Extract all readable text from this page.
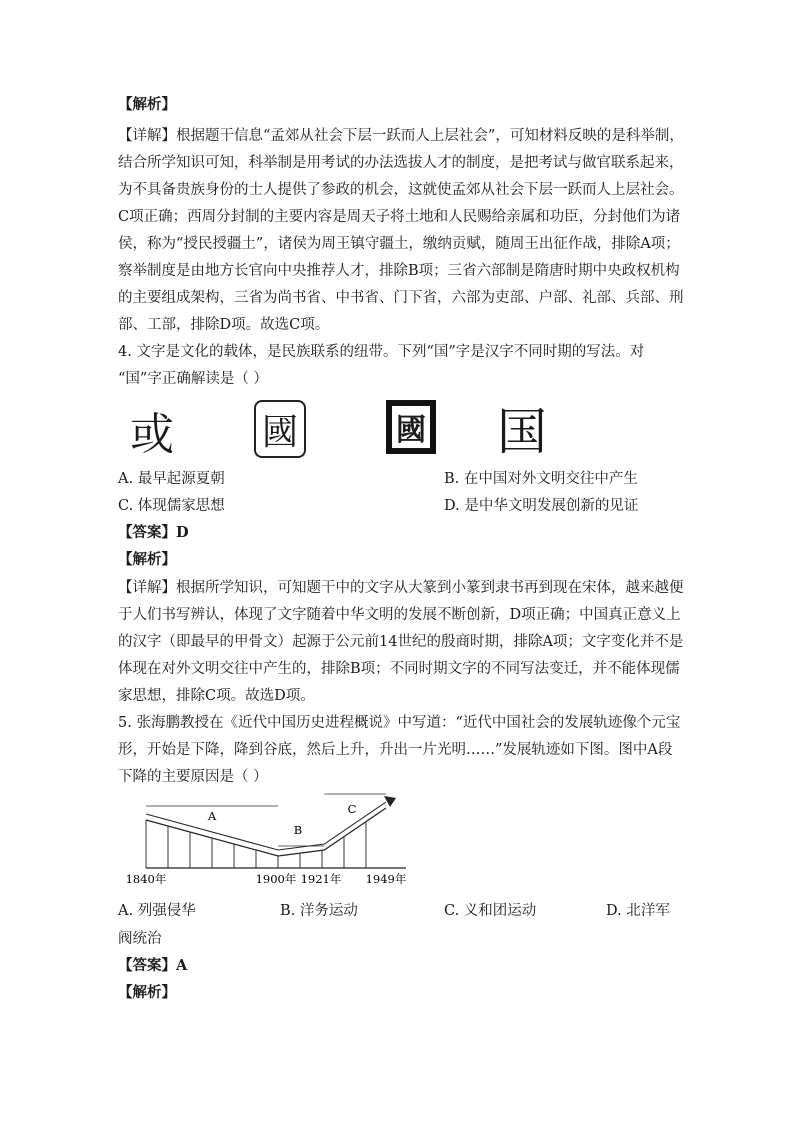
【解析】
【详解】根据题干信息“孟郊从社会下层一跃而人上层社会”，可知材料反映的是科举制，
结合所学知识可知，科举制是用考试的办法选拔人才的制度，是把考试与做官联系起来，
为不具备贵族身份的士人提供了参政的机会，这就使孟郊从社会下层一跃而人上层社会。
C项正确；西周分封制的主要内容是周天子将土地和人民赐给亲属和功臣，分封他们为诸
侯，称为“授民授疆土”，诸侯为周王镇守疆土，缴纳贡赋，随周王出征作战，排除A项；
察举制度是由地方长官向中央推荐人才，排除B项；三省六部制是隋唐时期中央政权机构
的主要组成架构，三省为尚书省、中书省、门下省，六部为吏部、户部、礼部、兵部、刑
部、工部，排除D项。故选C项。
4. 文字是文化的载体，是民族联系的纽带。下列“国”字是汉字不同时期的写法。对
“国”字正确解读是（ ）
或 國	國 国
A. 最早起源夏朝	B. 在中国对外文明交往中产生
C. 体现儒家思想	D. 是中华文明发展创新的见证
【答案】D
【解析】
【详解】根据所学知识，可知题干中的文字从大篆到小篆到隶书再到现在宋体，越来越便
于人们书写辨认，体现了文字随着中华文明的发展不断创新，D项正确；中国真正意义上
的汉字（即最早的甲骨文）起源于公元前14世纪的殷商时期，排除A项；文字变化并不是
体现在对外文明交往中产生的，排除B项；不同时期文字的不同写法变迁，并不能体现儒
家思想，排除C项。故选D项。
5. 张海鹏教授在《近代中国历史进程概说》中写道：“近代中国社会的发展轨迹像个元宝
形，开始是下降，降到谷底，然后上升，升出一片光明……”发展轨迹如下图。图中A段
下降的主要原因是（ ）
1840年	1900年 1921年 1949年
A
B
C
A. 列强侵华	B. 洋务运动	C. 义和团运动	D. 北洋军
阀统治
【答案】A
【解析】
